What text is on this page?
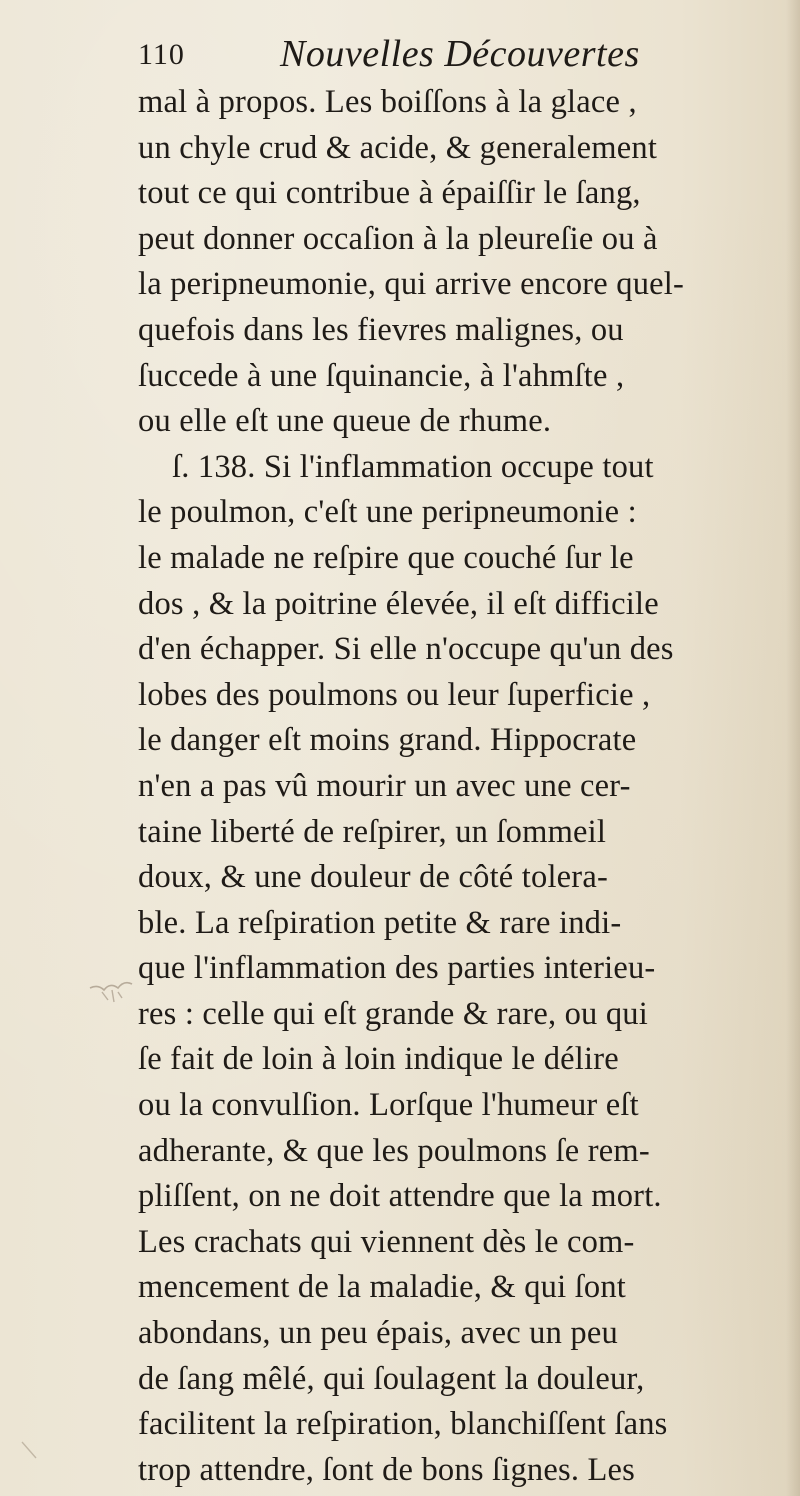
110	Nouvelles Découvertes
mal à propos. Les boiſſons à la glace ,
un chyle crud & acide, & generalement
tout ce qui contribue à épaiſſir le ſang,
peut donner occaſion à la pleureſie ou à
la peripneumonie, qui arrive encore quel-
quefois dans les fievres malignes, ou
ſuccede à une ſquinancie, à l'ahmſte ,
ou elle eſt une queue de rhume.
ſ. 138. Si l'inflammation occupe tout
le poulmon, c'eſt une peripneumonie :
le malade ne reſpire que couché ſur le
dos , & la poitrine élevée, il eſt difficile
d'en échapper. Si elle n'occupe qu'un des
lobes des poulmons ou leur ſuperficie ,
le danger eſt moins grand. Hippocrate
n'en a pas vû mourir un avec une cer-
taine liberté de reſpirer, un ſommeil
doux, & une douleur de côté tolera-
ble. La reſpiration petite & rare indi-
que l'inflammation des parties interieu-
res : celle qui eſt grande & rare, ou qui
ſe fait de loin à loin indique le délire
ou la convulſion. Lorſque l'humeur eſt
adherante, & que les poulmons ſe rem-
pliſſent, on ne doit attendre que la mort.
Les crachats qui viennent dès le com-
mencement de la maladie, & qui ſont
abondans, un peu épais, avec un peu
de ſang mêlé, qui ſoulagent la douleur,
facilitent la reſpiration, blanchiſſent ſans
trop attendre, ſont de bons ſignes. Les
